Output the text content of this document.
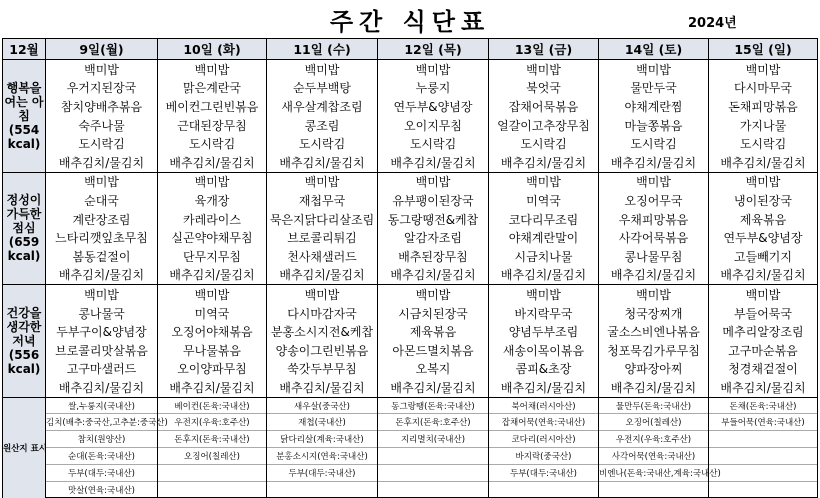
주간 식단표	2024년
12월	9일(월)	10일 (화)	11일 (수)	12일 (목)	13일 (금)	14일 (토)	15일 (일)
행복을 여는 아침 (554 kcal)	백미밥	백미밥	백미밥	백미밥	백미밥	백미밥	백미밥
	우거지된장국	맑은계란국	순두부백탕	누룽지	북엇국	물만두국	다시마무국
	참치양배추볶음	베이컨그린빈볶음	새우살계찹조림	연두부&양념장	잡채어묵볶음	야채계란찜	돈채피망볶음
	숙주나물	근대된장무침	콩조림	오이지무침	얼갈이고추장무침	마늘쫑볶음	가지나물
	도시락김	도시락김	도시락김	도시락김	도시락김	도시락김	도시락김
	배추김치/물김치	배추김치/물김치	배추김치/물김치	배추김치/물김치	배추김치/물김치	배추김치/물김치	배추김치/물김치
정성이 가득한 점심 (659 kcal)	백미밥	백미밥	백미밥	백미밥	백미밥	백미밥	백미밥
	순대국	육개장	재첩무국	유부팽이된장국	미역국	오징어무국	냉이된장국
	계란장조림	카레라이스	묵은지닭다리살조림	동그랑땡전&케찹	코다리무조림	우채피망볶음	제육볶음
	느타리깻잎초무침	실곤약야채무침	브로콜리튀김	알감자조림	야채계란말이	사각어묵볶음	연두부&양념장
	봄동겉절이	단무지무침	천사채샐러드	배추된장무침	시금치나물	콩나물무침	고들빼기지
	배추김치/물김치	배추김치/물김치	배추김치/물김치	배추김치/물김치	배추김치/물김치	배추김치/물김치	배추김치/물김치
건강을 생각한 저녁 (556 kcal)	백미밥	백미밥	백미밥	백미밥	백미밥	백미밥	백미밥
	콩나물국	미역국	다시마감자국	시금치된장국	바지락무국	청국장찌개	부들어묵국
	두부구이&양념장	오징어야채볶음	분홍소시지전&케찹	제육볶음	양념두부조림	굴소스비엔나볶음	메추리알장조림
	브로콜리맛살볶음	무나물볶음	양송이그린빈볶음	아몬드멸치볶음	새송이목이볶음	청포묵김가루무침	고구마순볶음
	고구마샐러드	오이양파무침	쑥갓두부무침	오복지	콤피&초장	양파장아찌	청경채겉절이
	배추김치/물김치	배추김치/물김치	배추김치/물김치	배추김치/물김치	배추김치/물김치	배추김치/물김치	배추김치/물김치
원산지 표시	쌀,누룽지(국내산)	베이컨(돈육:국내산)	새우살(중국산)	동그랑땡(돈육:국내산)	북어채(러시아산)	물만두(돈육:국내산)	돈채(돈육:국내산)
	김치(배추:중국산,고추분:중국산)	우전지(우육:호주산)	재첩(국내산)	돈후지(돈육:호주산)	잡채어묵(연육:국내산)	오징어(칠레산)	부들어묵(연육:국내산)
	참치(원양산)	돈후지(돈육:국내산)	닭다리살(계육:국내산)	지리멸치(국내산)	코다리(러시아산)	우전지(우육:호주산)	
	순대(돈육:국내산)	오징어(칠레산)	분홍소시지(연육:국내산)		바지락(중국산)	사각어묵(연육:국내산)	
	두부(대두:국내산)		두부(대두:국내산)		두부(대두:국내산)	비엔나(돈육:국내산,계육:국내산)	
	맛살(연육:국내산)						
